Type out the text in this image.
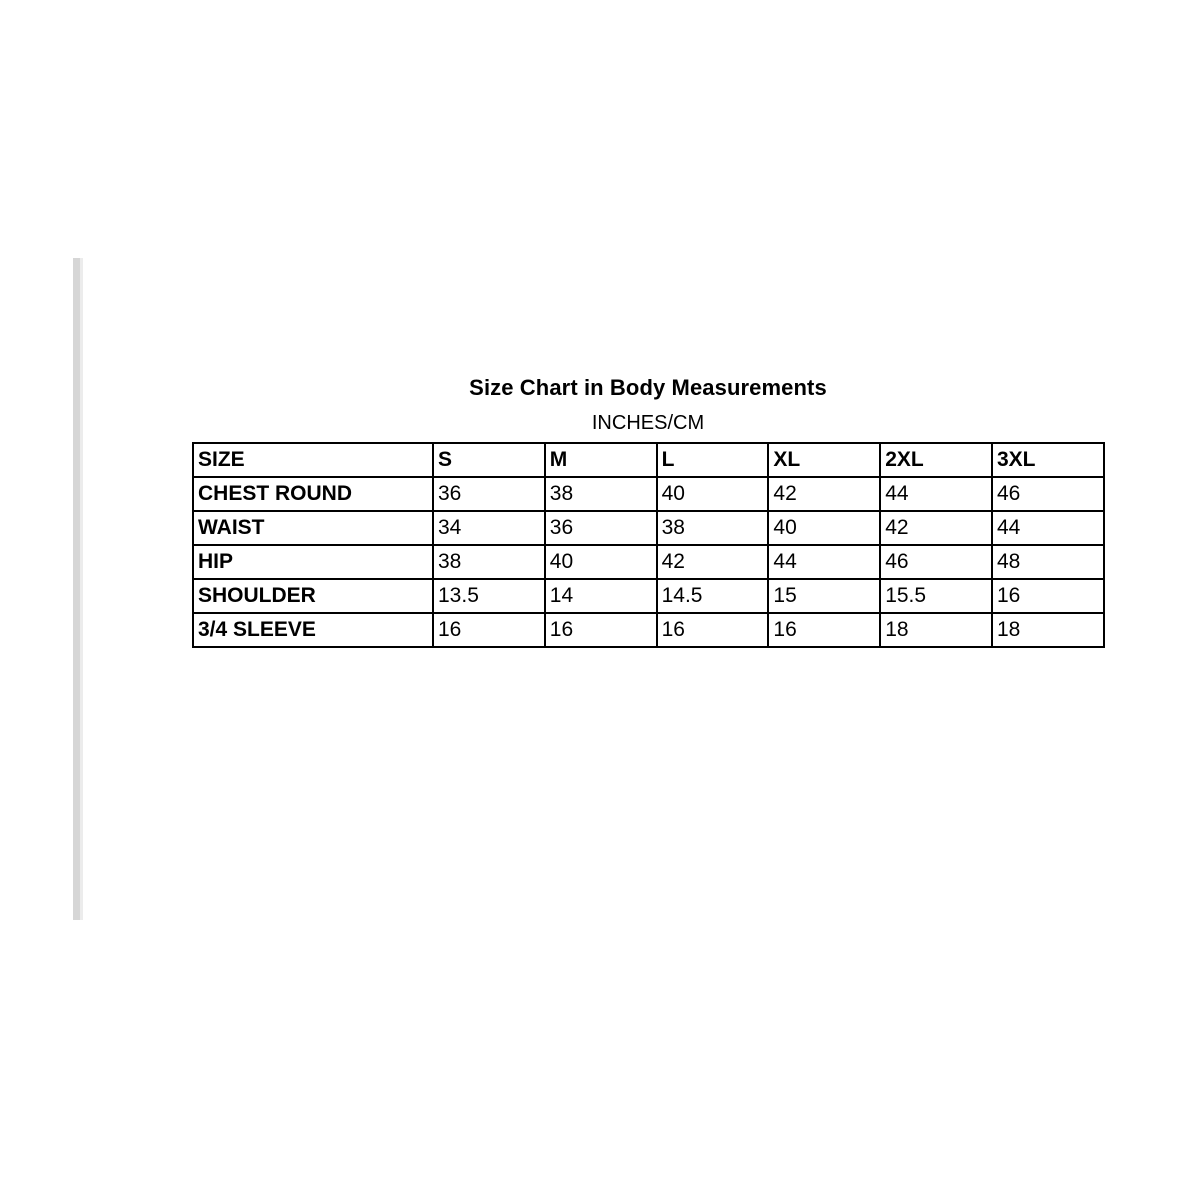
Size Chart in Body Measurements
INCHES/CM
SIZE	S	M	L	XL	2XL	3XL
CHEST ROUND	36	38	40	42	44	46
WAIST	34	36	38	40	42	44
HIP	38	40	42	44	46	48
SHOULDER	13.5	14	14.5	15	15.5	16
3/4 SLEEVE	16	16	16	16	18	18
